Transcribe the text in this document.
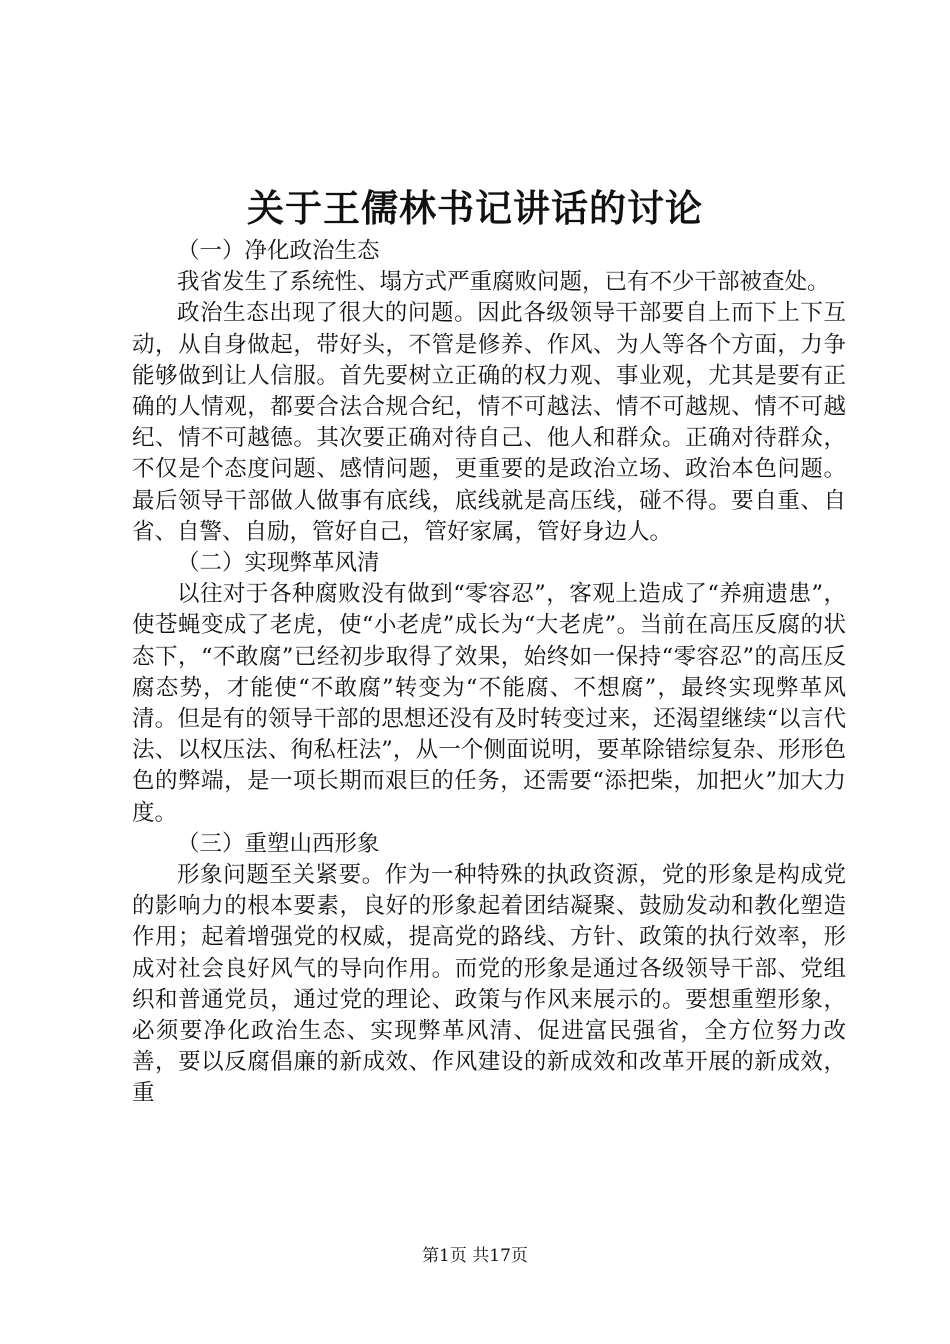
关于王儒林书记讲话的讨论

（一）净化政治生态

我省发生了系统性、塌方式严重腐败问题，已有不少干部被查处。

政治生态出现了很大的问题。因此各级领导干部要自上而下上下互动，从自身做起，带好头，不管是修养、作风、为人等各个方面，力争能够做到让人信服。首先要树立正确的权力观、事业观，尤其是要有正确的人情观，都要合法合规合纪，情不可越法、情不可越规、情不可越纪、情不可越德。其次要正确对待自己、他人和群众。正确对待群众，不仅是个态度问题、感情问题，更重要的是政治立场、政治本色问题。最后领导干部做人做事有底线，底线就是高压线，碰不得。要自重、自省、自警、自励，管好自己，管好家属，管好身边人。

（二）实现弊革风清

以往对于各种腐败没有做到“零容忍”，客观上造成了“养痈遗患”，使苍蝇变成了老虎，使“小老虎”成长为“大老虎”。当前在高压反腐的状态下，“不敢腐”已经初步取得了效果，始终如一保持“零容忍”的高压反腐态势，才能使“不敢腐”转变为“不能腐、不想腐”，最终实现弊革风清。但是有的领导干部的思想还没有及时转变过来，还渴望继续“以言代法、以权压法、徇私枉法”，从一个侧面说明，要革除错综复杂、形形色色的弊端，是一项长期而艰巨的任务，还需要“添把柴，加把火”加大力度。

（三）重塑山西形象

形象问题至关紧要。作为一种特殊的执政资源，党的形象是构成党的影响力的根本要素，良好的形象起着团结凝聚、鼓励发动和教化塑造作用；起着增强党的权威，提高党的路线、方针、政策的执行效率，形成对社会良好风气的导向作用。而党的形象是通过各级领导干部、党组织和普通党员，通过党的理论、政策与作风来展示的。要想重塑形象，必须要净化政治生态、实现弊革风清、促进富民强省，全方位努力改善，要以反腐倡廉的新成效、作风建设的新成效和改革开展的新成效，重

第1页 共17页
